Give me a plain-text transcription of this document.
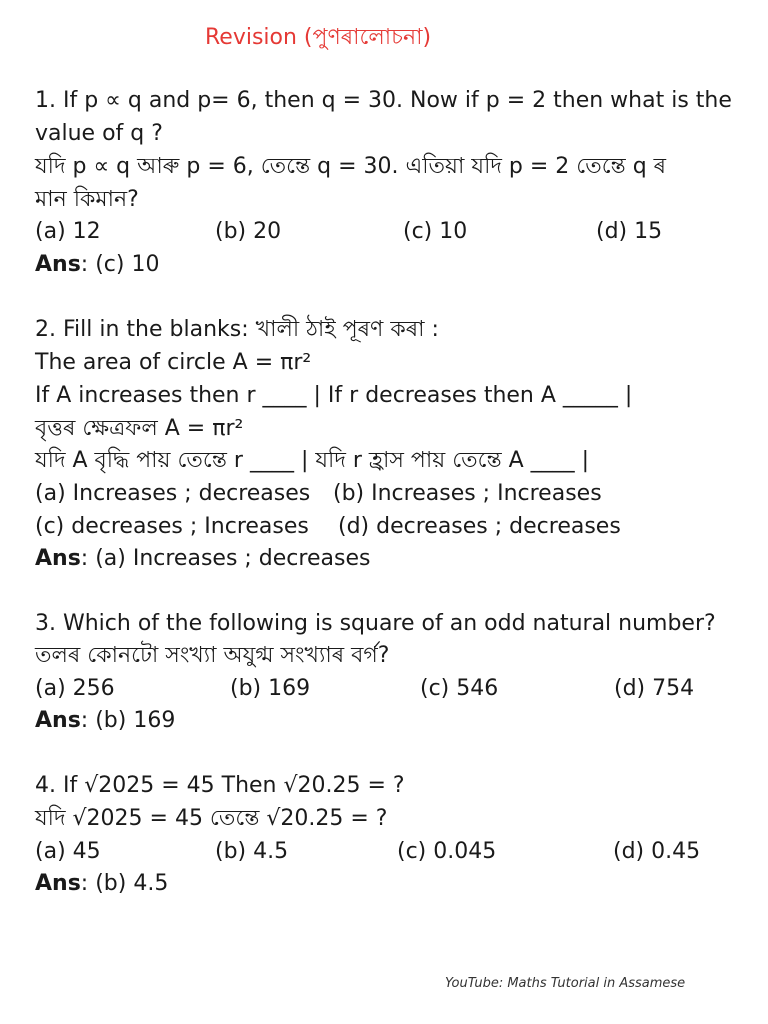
Revision (পুণৰালোচনা)
1. If p ∝ q and p= 6, then q = 30. Now if p = 2 then what is the
value of q ?
যদি p ∝ q আৰু p = 6, তেন্তে q = 30. এতিয়া যদি p = 2 তেন্তে q ৰ
মান কিমান?
(a) 12	(b) 20	(c) 10	(d) 15
Ans: (c) 10
2. Fill in the blanks: খালী ঠাই পূৰণ কৰা :
The area of circle A = πr²
If A increases then r ____ | If r decreases then A _____ |
বৃত্তৰ ক্ষেত্ৰফল A = πr²
যদি A বৃদ্ধি পায় তেন্তে r ____ | যদি r হ্ৰাস পায় তেন্তে A ____ |
(a) Increases ; decreases (b) Increases ; Increases
(c) decreases ; Increases (d) decreases ; decreases
Ans: (a) Increases ; decreases
3. Which of the following is square of an odd natural number?
তলৰ কোনটো সংখ্যা অযুগ্ম সংখ্যাৰ বৰ্গ?
(a) 256	(b) 169	(c) 546	(d) 754
Ans: (b) 169
4. If √2025 = 45 Then √20.25 = ?
যদি √2025 = 45 তেন্তে √20.25 = ?
(a) 45	(b) 4.5	(c) 0.045	(d) 0.45
Ans: (b) 4.5
YouTube: Maths Tutorial in Assamese
